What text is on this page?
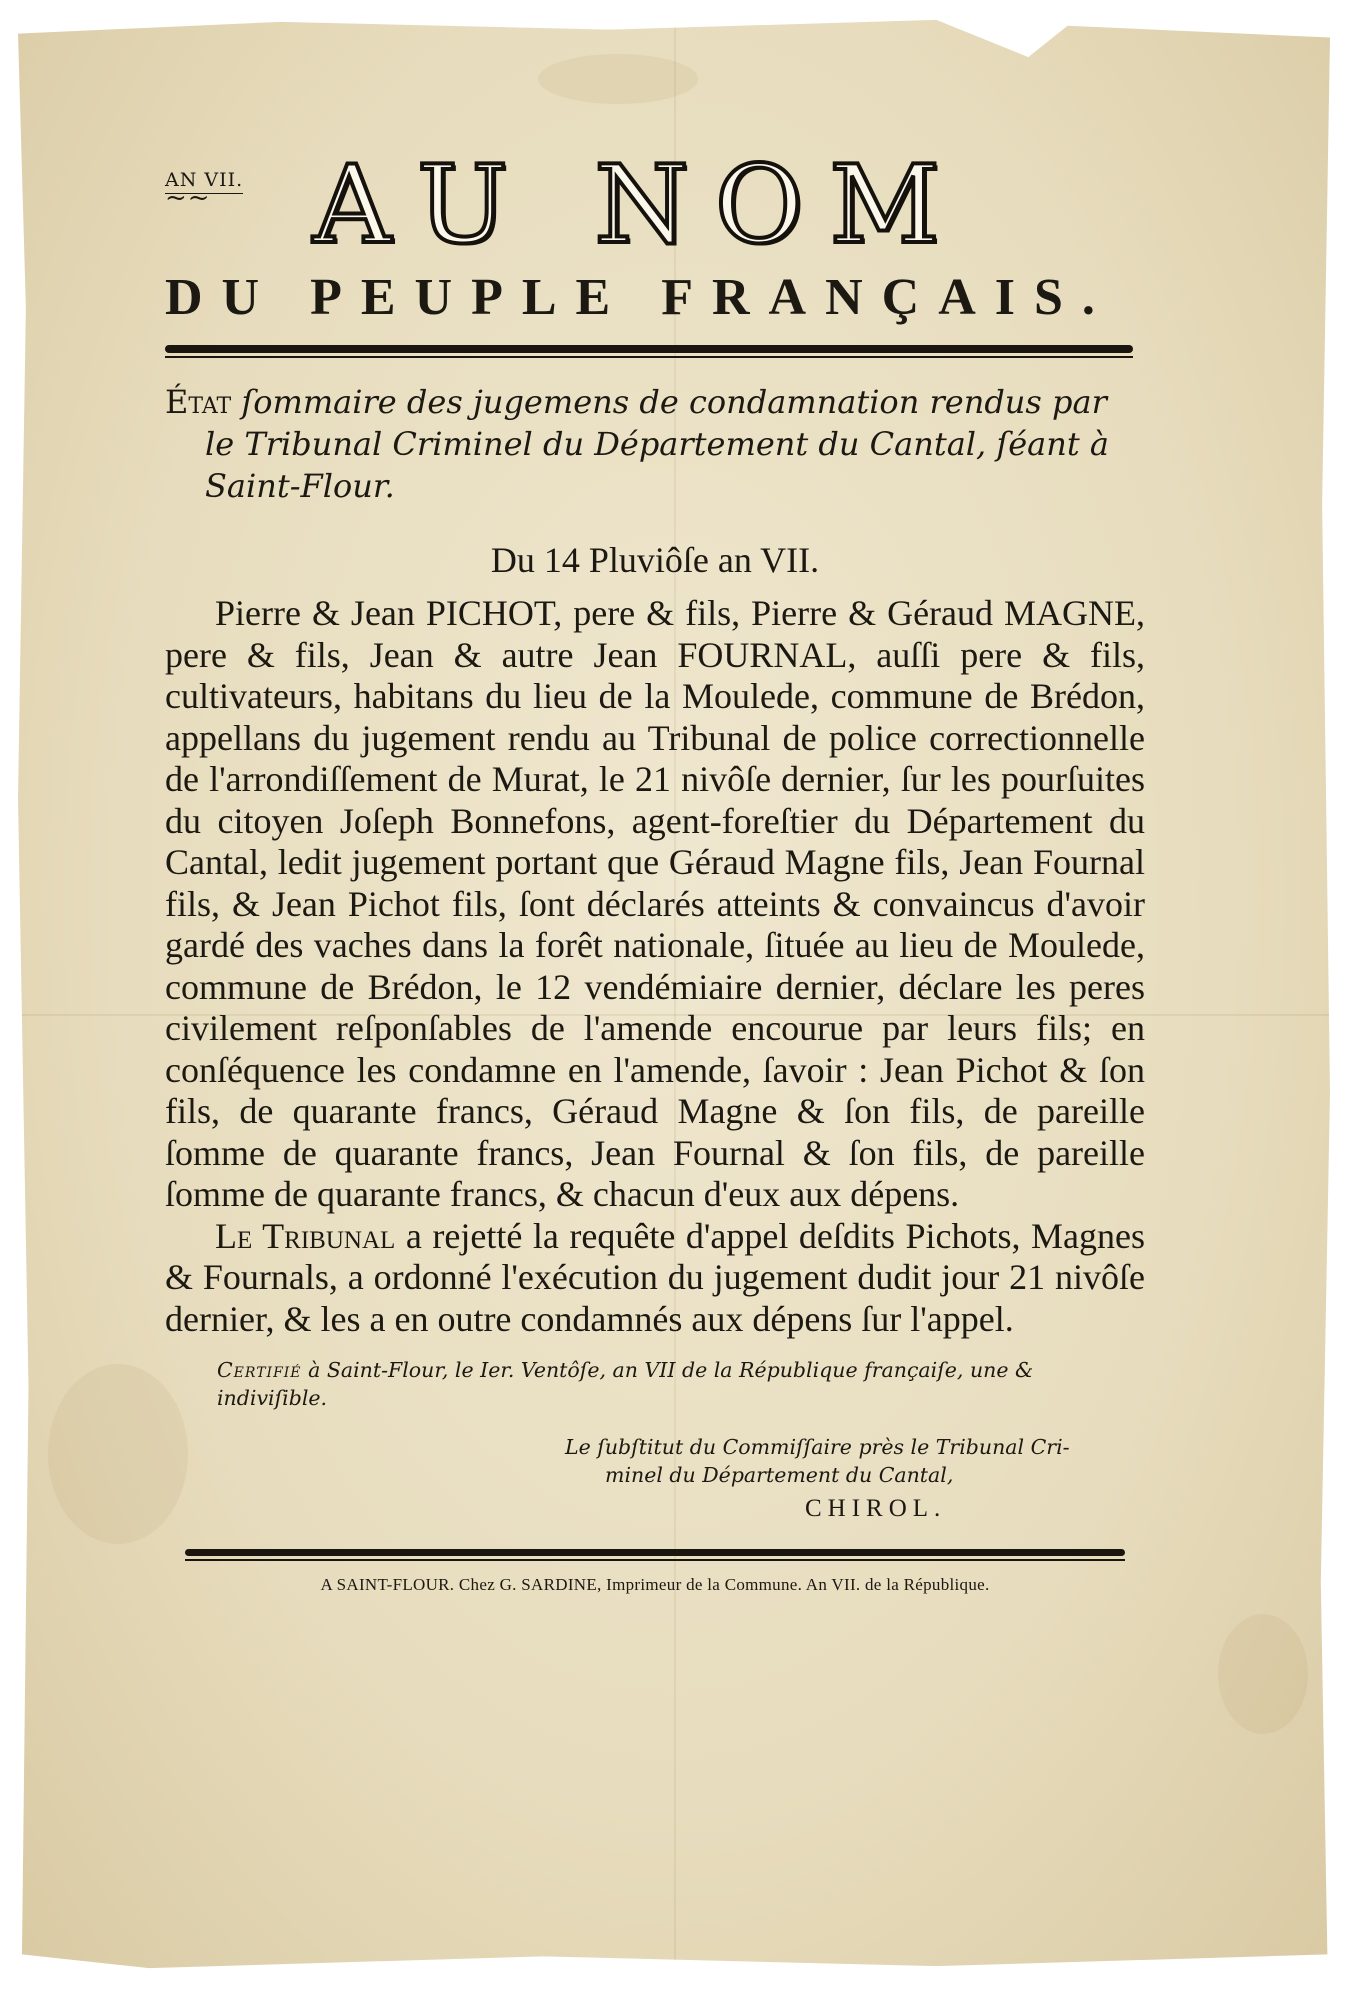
AN VII.
~~ AU NOM
DU PEUPLE FRANÇAIS.

État ſommaire des jugemens de condamnation rendus par le Tribunal Criminel du Département du Cantal, ſéant à Saint-Flour.

Du 14 Pluviôſe an VII.

Pierre & Jean PICHOT, pere & fils, Pierre & Géraud MAGNE, pere & fils, Jean & autre Jean FOURNAL, auſſi pere & fils, cultivateurs, habitans du lieu de la Moulede, commune de Brédon, appellans du jugement rendu au Tribunal de police correctionnelle de l'arrondiſſement de Murat, le 21 nivôſe dernier, ſur les pourſuites du citoyen Joſeph Bonnefons, agent-foreſtier du Département du Cantal, ledit jugement portant que Géraud Magne fils, Jean Fournal fils, & Jean Pichot fils, ſont déclarés atteints & convaincus d'avoir gardé des vaches dans la forêt nationale, ſituée au lieu de Moulede, commune de Brédon, le 12 vendémiaire dernier, déclare les peres civilement reſponſables de l'amende encourue par leurs fils; en conſéquence les condamne en l'amende, ſavoir : Jean Pichot & ſon fils, de quarante francs, Géraud Magne & ſon fils, de pareille ſomme de quarante francs, Jean Fournal & ſon fils, de pareille ſomme de quarante francs, & chacun d'eux aux dépens.

Le Tribunal a rejetté la requête d'appel deſdits Pichots, Magnes & Fournals, a ordonné l'exécution du jugement dudit jour 21 nivôſe dernier, & les a en outre condamnés aux dépens ſur l'appel.

Certifié à Saint-Flour, le Ier. Ventôſe, an VII de la République françaiſe, une & indiviſible.

Le ſubſtitut du Commiſſaire près le Tribunal Cri-
minel du Département du Cantal,
CHIROL.
A SAINT-FLOUR. Chez G. SARDINE, Imprimeur de la Commune. An VII. de la République.
